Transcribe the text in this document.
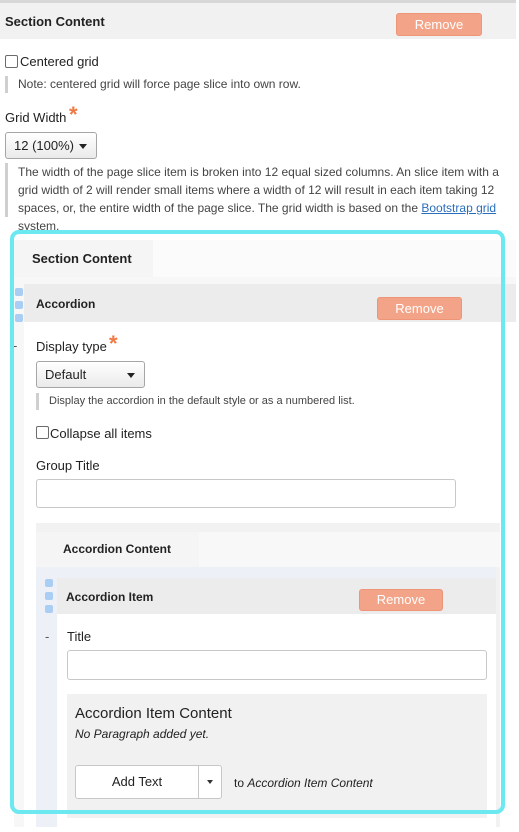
Section Content	Remove
Centered grid
Note: centered grid will force page slice into own row.
Grid Width *
12 (100%)
The width of the page slice item is broken into 12 equal sized columns. An slice item with a grid width of 2 will render small items where a width of 12 will result in each item taking 12 spaces, or, the entire width of the page slice. The grid width is based on the Bootstrap grid system.
Section Content
Accordion	Remove
- Display type *
Default
Display the accordion in the default style or as a numbered list.
Collapse all items
Group Title
Accordion Content
Accordion Item	Remove
- Title
Accordion Item Content
No Paragraph added yet.
Add Text	to Accordion Item Content
